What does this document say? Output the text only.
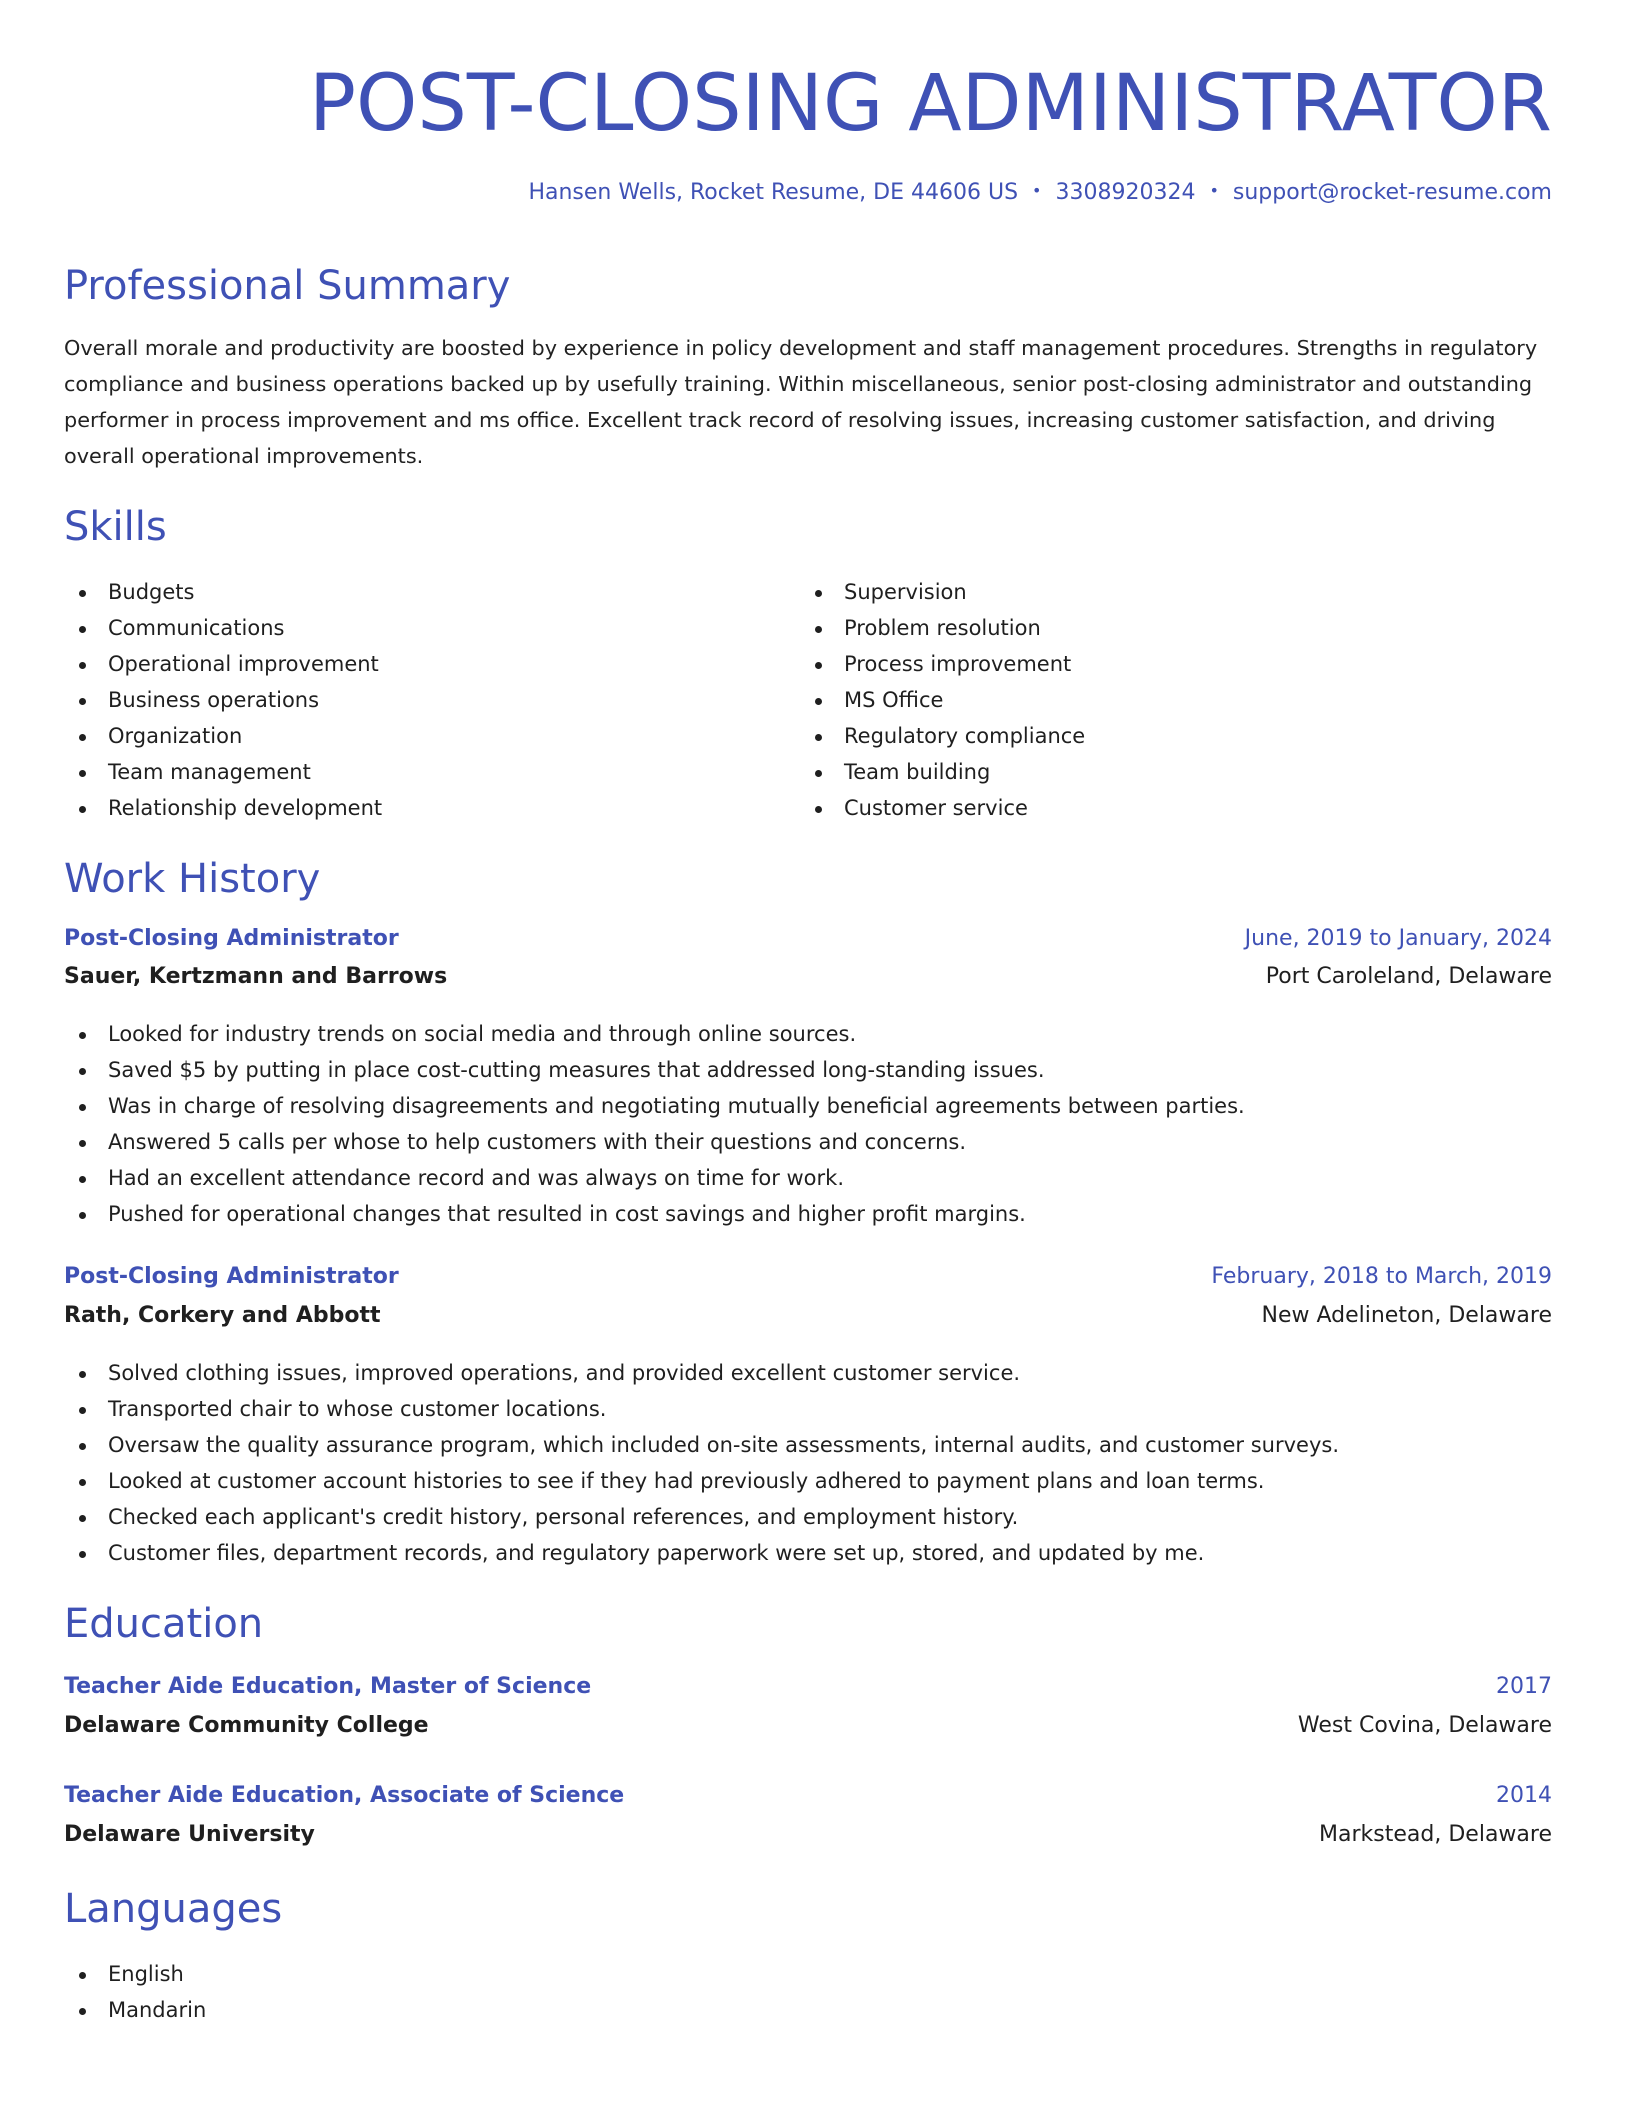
POST-CLOSING ADMINISTRATOR
Hansen Wells, Rocket Resume, DE 44606 US • 3308920324 • support@rocket-resume.com
Professional Summary

Overall morale and productivity are boosted by experience in policy development and staff management procedures. Strengths in regulatory compliance and business operations backed up by usefully training. Within miscellaneous, senior post-closing administrator and outstanding performer in process improvement and ms office. Excellent track record of resolving issues, increasing customer satisfaction, and driving overall operational improvements.

Skills
Budgets
Communications
Operational improvement
Business operations
Organization
Team management
Relationship development
Supervision
Problem resolution
Process improvement
MS Office
Regulatory compliance
Team building
Customer service
Work History
Post-Closing Administrator	June, 2019 to January, 2024
Sauer, Kertzmann and Barrows	Port Caroleland, Delaware
Looked for industry trends on social media and through online sources.
Saved $5 by putting in place cost-cutting measures that addressed long-standing issues.
Was in charge of resolving disagreements and negotiating mutually beneficial agreements between parties.
Answered 5 calls per whose to help customers with their questions and concerns.
Had an excellent attendance record and was always on time for work.
Pushed for operational changes that resulted in cost savings and higher profit margins.
Post-Closing Administrator	February, 2018 to March, 2019
Rath, Corkery and Abbott	New Adelineton, Delaware
Solved clothing issues, improved operations, and provided excellent customer service.
Transported chair to whose customer locations.
Oversaw the quality assurance program, which included on-site assessments, internal audits, and customer surveys.
Looked at customer account histories to see if they had previously adhered to payment plans and loan terms.
Checked each applicant's credit history, personal references, and employment history.
Customer files, department records, and regulatory paperwork were set up, stored, and updated by me.
Education
Teacher Aide Education, Master of Science	2017
Delaware Community College	West Covina, Delaware
Teacher Aide Education, Associate of Science	2014
Delaware University	Markstead, Delaware
Languages
English
Mandarin
